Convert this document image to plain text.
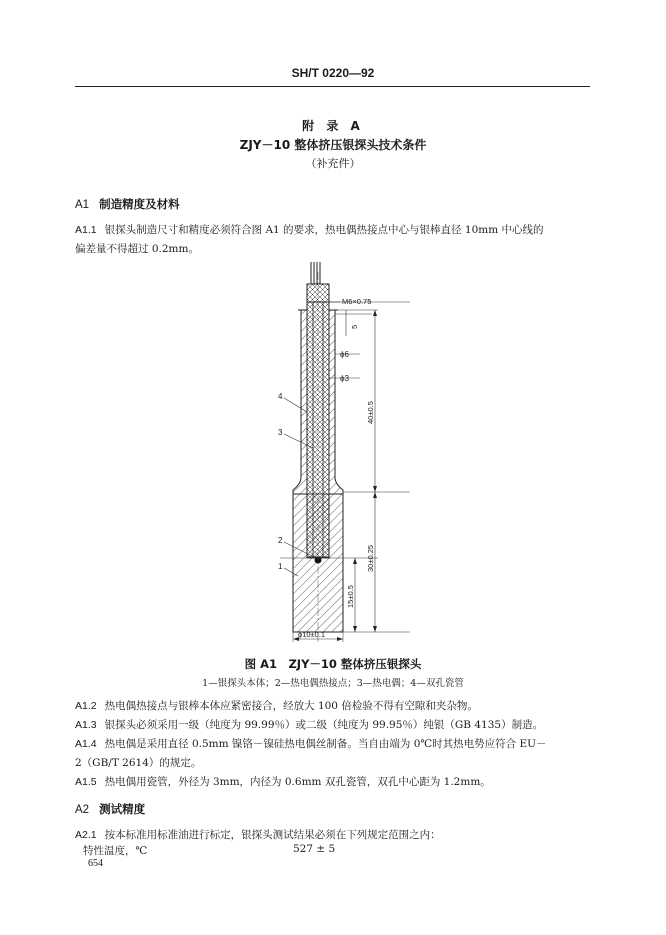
SH/T 0220—92
附 录 A
ZJY－10 整体挤压银探头技术条件
（补充件）
A1 制造精度及材料
A1.1 银探头制造尺寸和精度必须符合图 A1 的要求，热电偶热接点中心与银棒直径 10mm 中心线的
偏差量不得超过 0.2mm。
M6×0.75
5
ϕ6
ϕ3
40±0.5
30±0.25
15±0.5
ϕ10±0.1
4
3
2
1
图 A1　ZJY－10 整体挤压银探头
1—银探头本体；2—热电偶热接点；3—热电偶；4—双孔瓷管
A1.2 热电偶热接点与银棒本体应紧密接合，经放大 100 倍检验不得有空隙和夹杂物。
A1.3 银探头必须采用一级（纯度为 99.99％）或二级（纯度为 99.95％）纯银（GB 4135）制造。
A1.4 热电偶是采用直径 0.5mm 镍铬－镍硅热电偶丝制备。当自由端为 0℃时其热电势应符合 EU－
2（GB/T 2614）的规定。
A1.5 热电偶用瓷管，外径为 3mm，内径为 0.6mm 双孔瓷管，双孔中心距为 1.2mm。
A2 测试精度
A2.1 按本标准用标准油进行标定，银探头测试结果必须在下列规定范围之内：
特性温度，℃	527 ± 5
654
